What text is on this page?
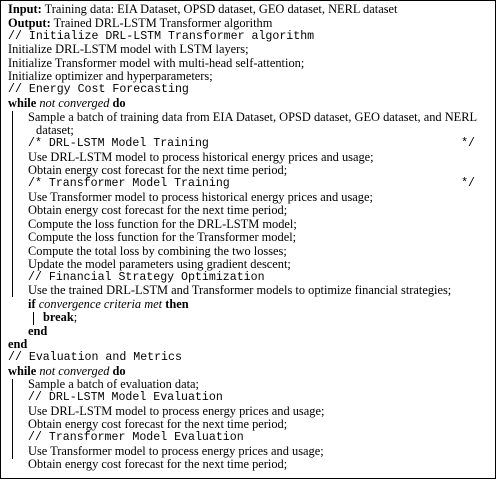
Input: Training data: EIA Dataset, OPSD dataset, GEO dataset, NERL dataset
Output: Trained DRL-LSTM Transformer algorithm
// Initialize DRL-LSTM Transformer algorithm
Initialize DRL-LSTM model with LSTM layers;
Initialize Transformer model with multi-head self-attention;
Initialize optimizer and hyperparameters;
// Energy Cost Forecasting
while not converged do
Sample a batch of training data from EIA Dataset, OPSD dataset, GEO dataset, and NERL
dataset;
/* DRL-LSTM Model Training	*/
Use DRL-LSTM model to process historical energy prices and usage;
Obtain energy cost forecast for the next time period;
/* Transformer Model Training	*/
Use Transformer model to process historical energy prices and usage;
Obtain energy cost forecast for the next time period;
Compute the loss function for the DRL-LSTM model;
Compute the loss function for the Transformer model;
Compute the total loss by combining the two losses;
Update the model parameters using gradient descent;
// Financial Strategy Optimization
Use the trained DRL-LSTM and Transformer models to optimize financial strategies;
if convergence criteria met then
break;
end
end
// Evaluation and Metrics
while not converged do
Sample a batch of evaluation data;
// DRL-LSTM Model Evaluation
Use DRL-LSTM model to process energy prices and usage;
Obtain energy cost forecast for the next time period;
// Transformer Model Evaluation
Use Transformer model to process energy prices and usage;
Obtain energy cost forecast for the next time period;
